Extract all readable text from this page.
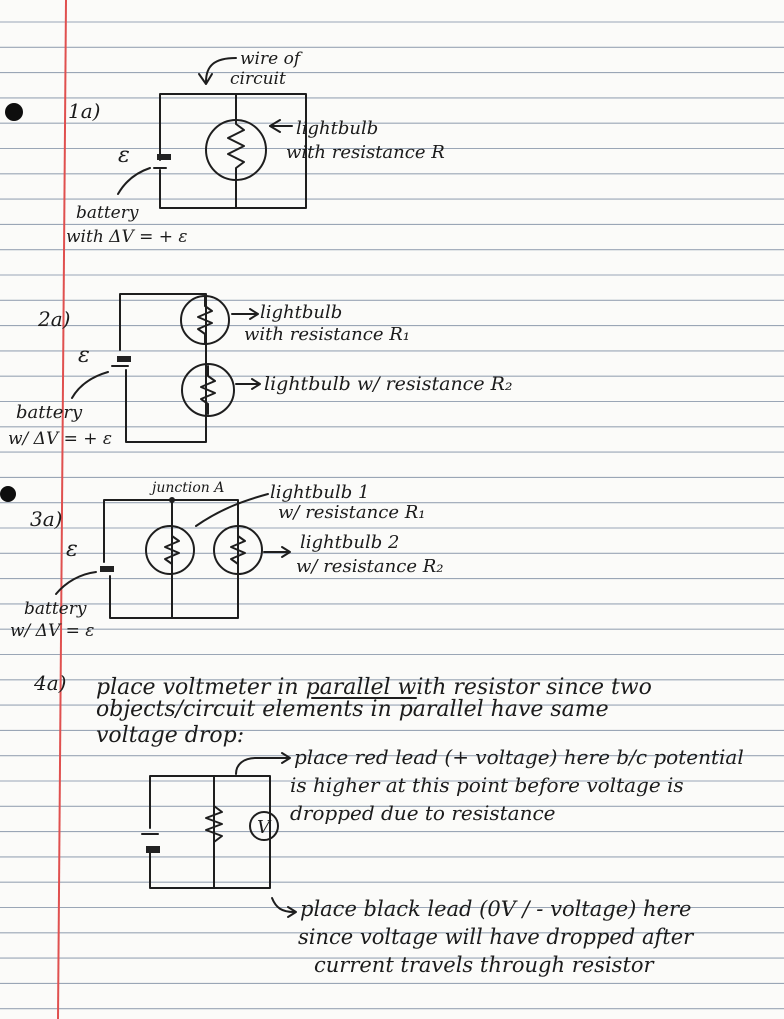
1a)
wire of
circuit
lightbulb
with resistance R
ε
battery
with ΔV = + ε
2a)	lightbulb
with resistance R₁
lightbulb w/ resistance R₂
ε
battery
w/ ΔV = + ε
3a)
junction A	lightbulb 1
w/ resistance R₁
lightbulb 2
w/ resistance R₂
ε
battery
w/ ΔV = ε
4a) place voltmeter in parallel with resistor since two
objects/circuit elements in parallel have same
voltage drop:
V
place red lead (+ voltage) here b/c potential
is higher at this point before voltage is
dropped due to resistance
place black lead (0V / - voltage) here
since voltage will have dropped after
current travels through resistor
